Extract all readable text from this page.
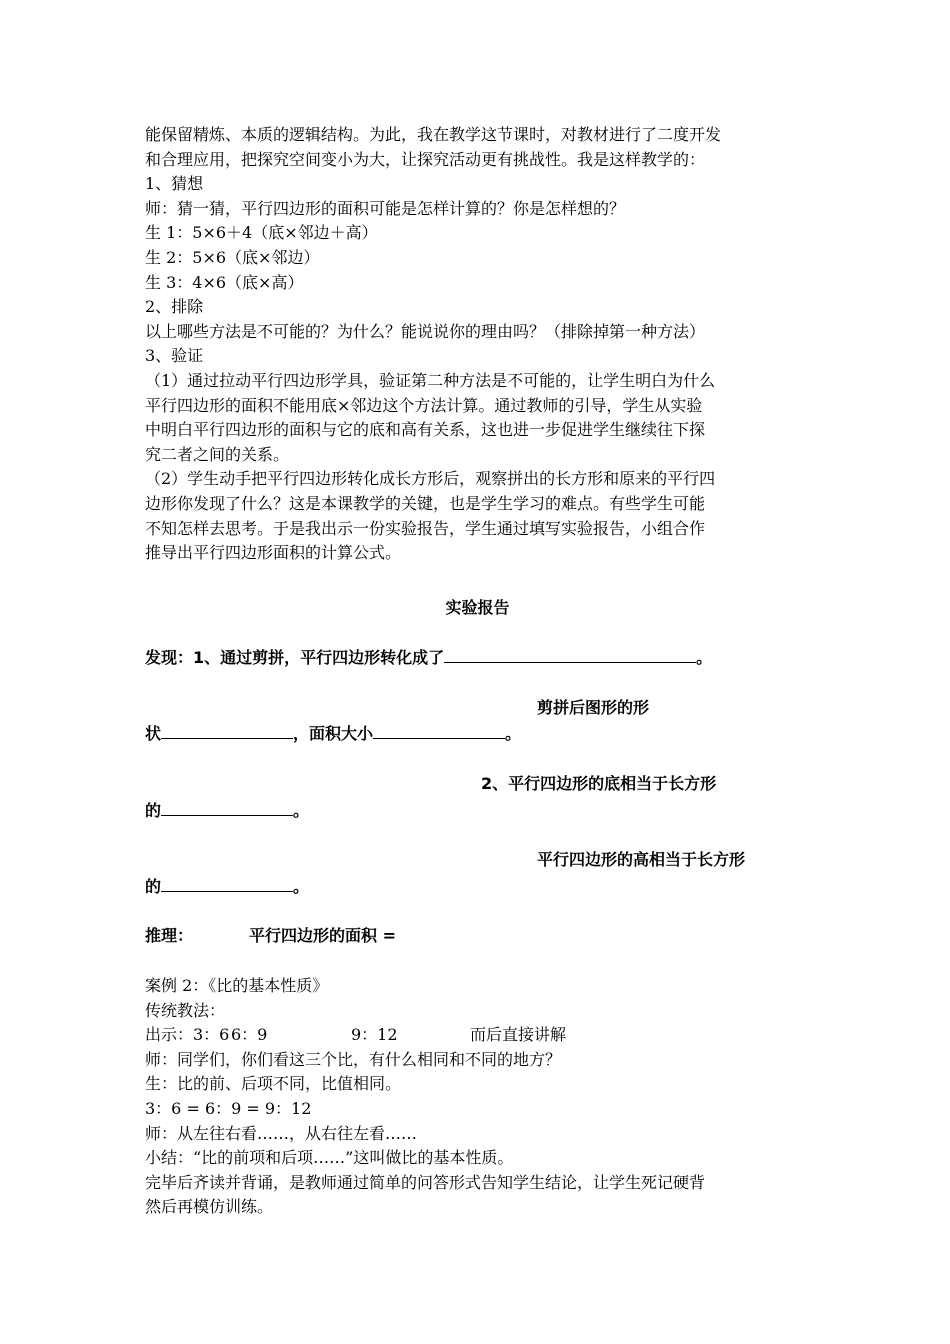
能保留精炼、本质的逻辑结构。为此，我在教学这节课时，对教材进行了二度开发

和合理应用，把探究空间变小为大，让探究活动更有挑战性。我是这样教学的：

1、猜想

师：猜一猜，平行四边形的面积可能是怎样计算的？你是怎样想的？

生 1：5×6＋4（底×邻边＋高）

生 2：5×6（底×邻边）

生 3：4×6（底×高）

2、排除

以上哪些方法是不可能的？为什么？能说说你的理由吗？（排除掉第一种方法）

3、验证

（1）通过拉动平行四边形学具，验证第二种方法是不可能的，让学生明白为什么

平行四边形的面积不能用底×邻边这个方法计算。通过教师的引导，学生从实验

中明白平行四边形的面积与它的底和高有关系，这也进一步促进学生继续往下探

究二者之间的关系。

（2）学生动手把平行四边形转化成长方形后，观察拼出的长方形和原来的平行四

边形你发现了什么？这是本课教学的关键，也是学生学习的难点。有些学生可能

不知怎样去思考。于是我出示一份实验报告，学生通过填写实验报告，小组合作

推导出平行四边形面积的计算公式。

实验报告

发现：1、通过剪拼，平行四边形转化成了	。
剪拼后图形的形
状	，面积大小	。
2、平行四边形的底相当于长方形
的	。
平行四边形的高相当于长方形
的	。
推理：	平行四边形的面积 =

案例 2：《比的基本性质》

传统教法：

出示：3：6 6：9	9：12	而后直接讲解

师：同学们，你们看这三个比，有什么相同和不同的地方？

生：比的前、后项不同，比值相同。

3：6 = 6：9 = 9：12

师：从左往右看……，从右往左看……

小结：“比的前项和后项……”这叫做比的基本性质。

完毕后齐读并背诵，是教师通过简单的问答形式告知学生结论，让学生死记硬背

然后再模仿训练。
